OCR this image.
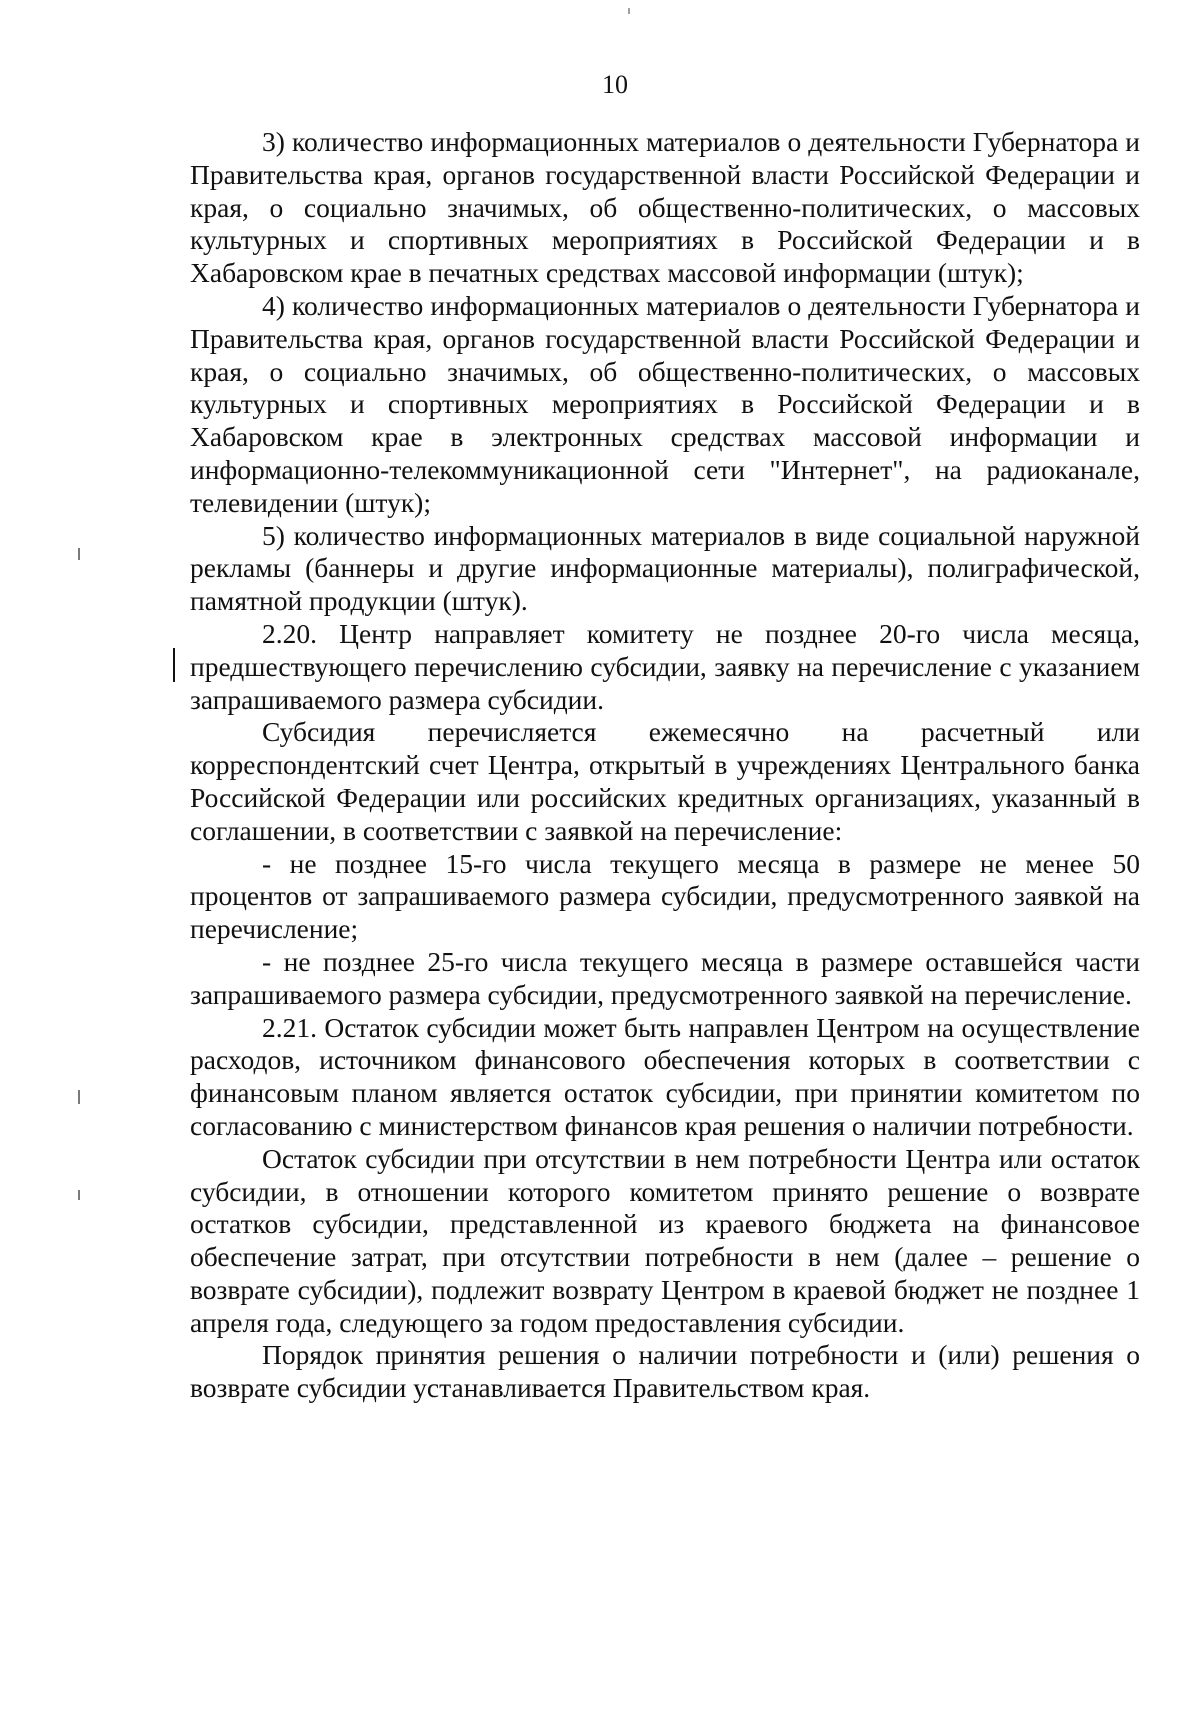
10

3) количество информационных материалов о деятельности Губернатора и Правительства края, органов государственной власти Российской Федерации и края, о социально значимых, об общественно-политических, о массовых культурных и спортивных мероприятиях в Российской Федерации и в Хабаровском крае в печатных средствах массовой информации (штук);

4) количество информационных материалов о деятельности Губернатора и Правительства края, органов государственной власти Российской Федерации и края, о социально значимых, об общественно-политических, о массовых культурных и спортивных мероприятиях в Российской Федерации и в Хабаровском крае в электронных средствах массовой информации и информационно-телекоммуникационной сети "Интернет", на радиоканале, телевидении (штук);

5) количество информационных материалов в виде социальной наружной рекламы (баннеры и другие информационные материалы), полиграфической, памятной продукции (штук).

2.20. Центр направляет комитету не позднее 20-го числа месяца, предшествующего перечислению субсидии, заявку на перечисление с указанием запрашиваемого размера субсидии.

Субсидия перечисляется ежемесячно на расчетный или корреспондентский счет Центра, открытый в учреждениях Центрального банка Российской Федерации или российских кредитных организациях, указанный в соглашении, в соответствии с заявкой на перечисление:

- не позднее 15-го числа текущего месяца в размере не менее 50 процентов от запрашиваемого размера субсидии, предусмотренного заявкой на перечисление;

- не позднее 25-го числа текущего месяца в размере оставшейся части запрашиваемого размера субсидии, предусмотренного заявкой на перечисление.

2.21. Остаток субсидии может быть направлен Центром на осуществление расходов, источником финансового обеспечения которых в соответствии с финансовым планом является остаток субсидии, при принятии комитетом по согласованию с министерством финансов края решения о наличии потребности.

Остаток субсидии при отсутствии в нем потребности Центра или остаток субсидии, в отношении которого комитетом принято решение о возврате остатков субсидии, представленной из краевого бюджета на финансовое обеспечение затрат, при отсутствии потребности в нем (далее – решение о возврате субсидии), подлежит возврату Центром в краевой бюджет не позднее 1 апреля года, следующего за годом предоставления субсидии.

Порядок принятия решения о наличии потребности и (или) решения о возврате субсидии устанавливается Правительством края.
